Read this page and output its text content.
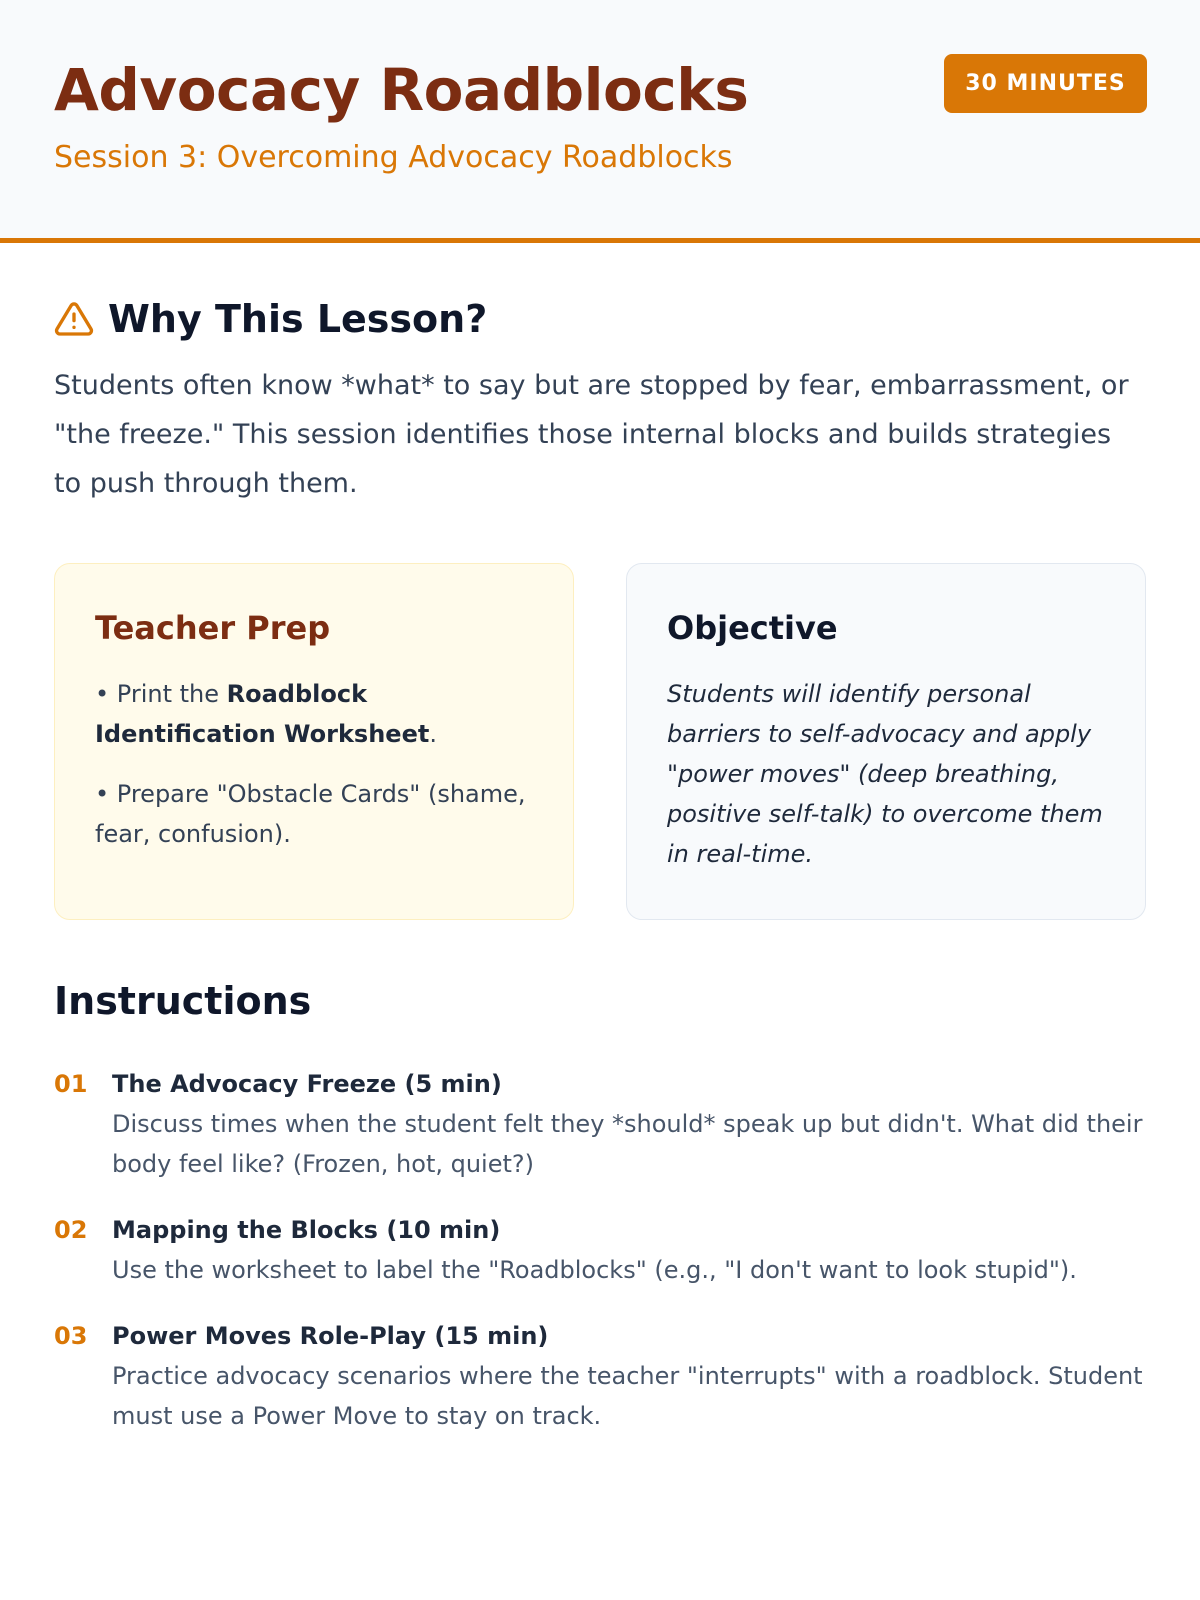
Advocacy Roadblocks
Session 3: Overcoming Advocacy Roadblocks
30 MINUTES
Why This Lesson?

Students often know *what* to say but are stopped by fear, embarrassment, or "the freeze." This session identifies those internal blocks and builds strategies to push through them.

Teacher Prep
• Print the Roadblock Identification Worksheet.
• Prepare "Obstacle Cards" (shame, fear, confusion).
Objective

Students will identify personal barriers to self-advocacy and apply "power moves" (deep breathing, positive self-talk) to overcome them in real-time.

Instructions
01	The Advocacy Freeze (5 min)
Discuss times when the student felt they *should* speak up but didn't. What did their body feel like? (Frozen, hot, quiet?)
02	Mapping the Blocks (10 min)
Use the worksheet to label the "Roadblocks" (e.g., "I don't want to look stupid").
03	Power Moves Role-Play (15 min)
Practice advocacy scenarios where the teacher "interrupts" with a roadblock. Student must use a Power Move to stay on track.
